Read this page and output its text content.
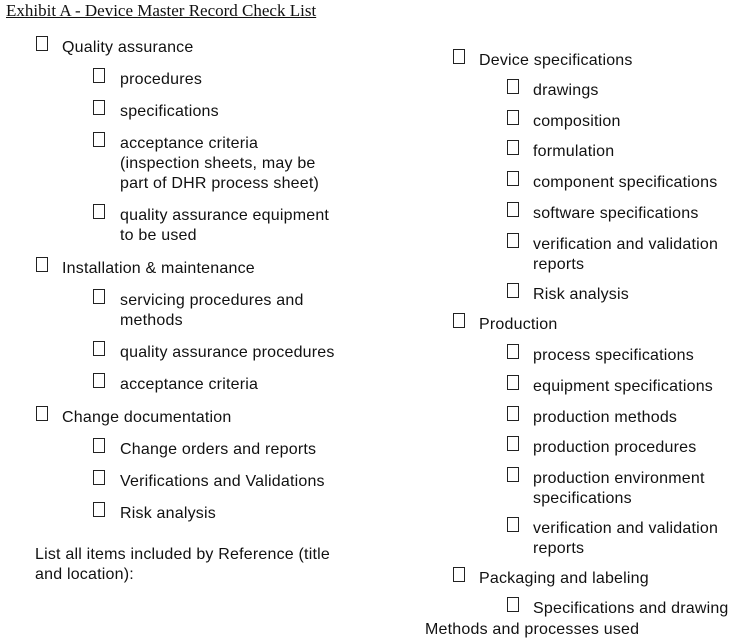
Exhibit A - Device Master Record Check List
Quality assurance
procedures
specifications
acceptance criteria
(inspection sheets, may be
part of DHR process sheet)
quality assurance equipment
to be used
Installation & maintenance
servicing procedures and
methods
quality assurance procedures
acceptance criteria
Change documentation
Change orders and reports
Verifications and Validations
Risk analysis
List all items included by Reference (title
and location):
Device specifications
drawings
composition
formulation
component specifications
software specifications
verification and validation
reports
Risk analysis
Production
process specifications
equipment specifications
production methods
production procedures
production environment
specifications
verification and validation
reports
Packaging and labeling
Specifications and drawing
Methods and processes used
